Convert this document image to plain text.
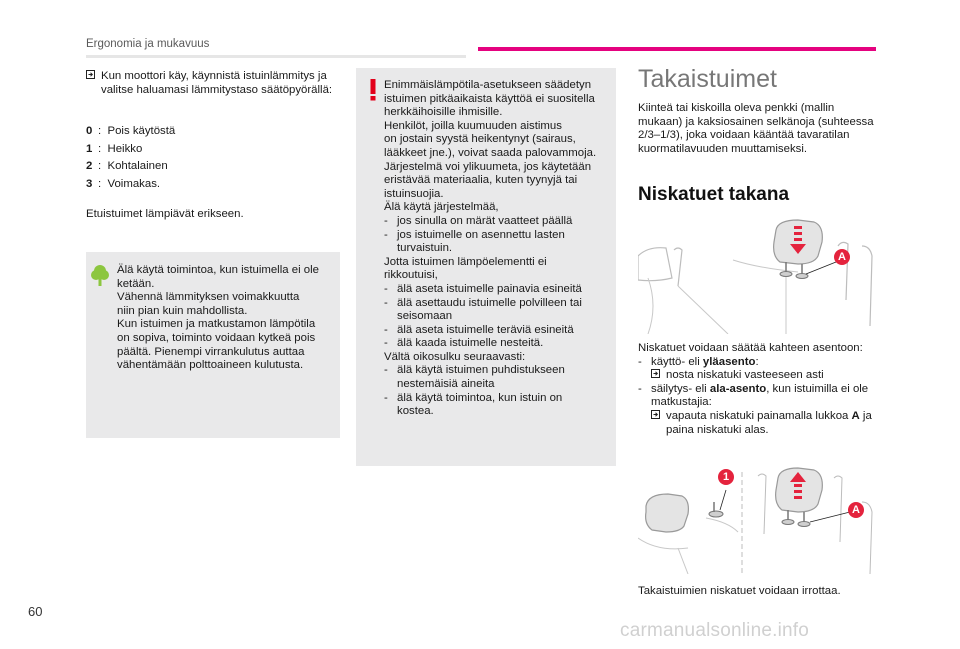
Ergonomia ja mukavuus
Kun moottori käy, käynnistä istuinlämmitys ja valitse haluamasi lämmitystaso säätöpyörällä:
0 : Pois käytöstä
1 : Heikko
2 : Kohtalainen
3 : Voimakas.
Etuistuimet lämpiävät erikseen.
Älä käytä toimintoa, kun istuimella ei ole
ketään.
Vähennä lämmityksen voimakkuutta
niin pian kuin mahdollista.
Kun istuimen ja matkustamon lämpötila
on sopiva, toiminto voidaan kytkeä pois
päältä. Pienempi virrankulutus auttaa
vähentämään polttoaineen kulutusta.
Enimmäislämpötila-asetukseen säädetyn
istuimen pitkäaikaista käyttöä ei suositella
herkkäihoisille ihmisille.
Henkilöt, joilla kuumuuden aistimus
on jostain syystä heikentynyt (sairaus,
lääkkeet jne.), voivat saada palovammoja.
Järjestelmä voi ylikuumeta, jos käytetään
eristävää materiaalia, kuten tyynyjä tai
istuinsuojia.
Älä käytä järjestelmää,
- jos sinulla on märät vaatteet päällä
- jos istuimelle on asennettu lasten
turvaistuin.
Jotta istuimen lämpöelementti ei
rikkoutuisi,
- älä aseta istuimelle painavia esineitä
- älä asettaudu istuimelle polvilleen tai
seisomaan
- älä aseta istuimelle teräviä esineitä
- älä kaada istuimelle nesteitä.
Vältä oikosulku seuraavasti:
- älä käytä istuimen puhdistukseen
nestemäisiä aineita
- älä käytä toimintoa, kun istuin on
kostea.
Takaistuimet
Kiinteä tai kiskoilla oleva penkki (mallin
mukaan) ja kaksiosainen selkänoja (suhteessa
2/3–1/3), joka voidaan kääntää tavaratilan
kuormatilavuuden muuttamiseksi.
Niskatuet takana
A
Niskatuet voidaan säätää kahteen asentoon:
- käyttö- eli yläasento:
nosta niskatuki vasteeseen asti
- säilytys- eli ala-asento, kun istuimilla ei ole
matkustajia:
vapauta niskatuki painamalla lukkoa A ja
paina niskatuki alas.
1
A
Takaistuimien niskatuet voidaan irrottaa.
60
carmanualsonline.info
